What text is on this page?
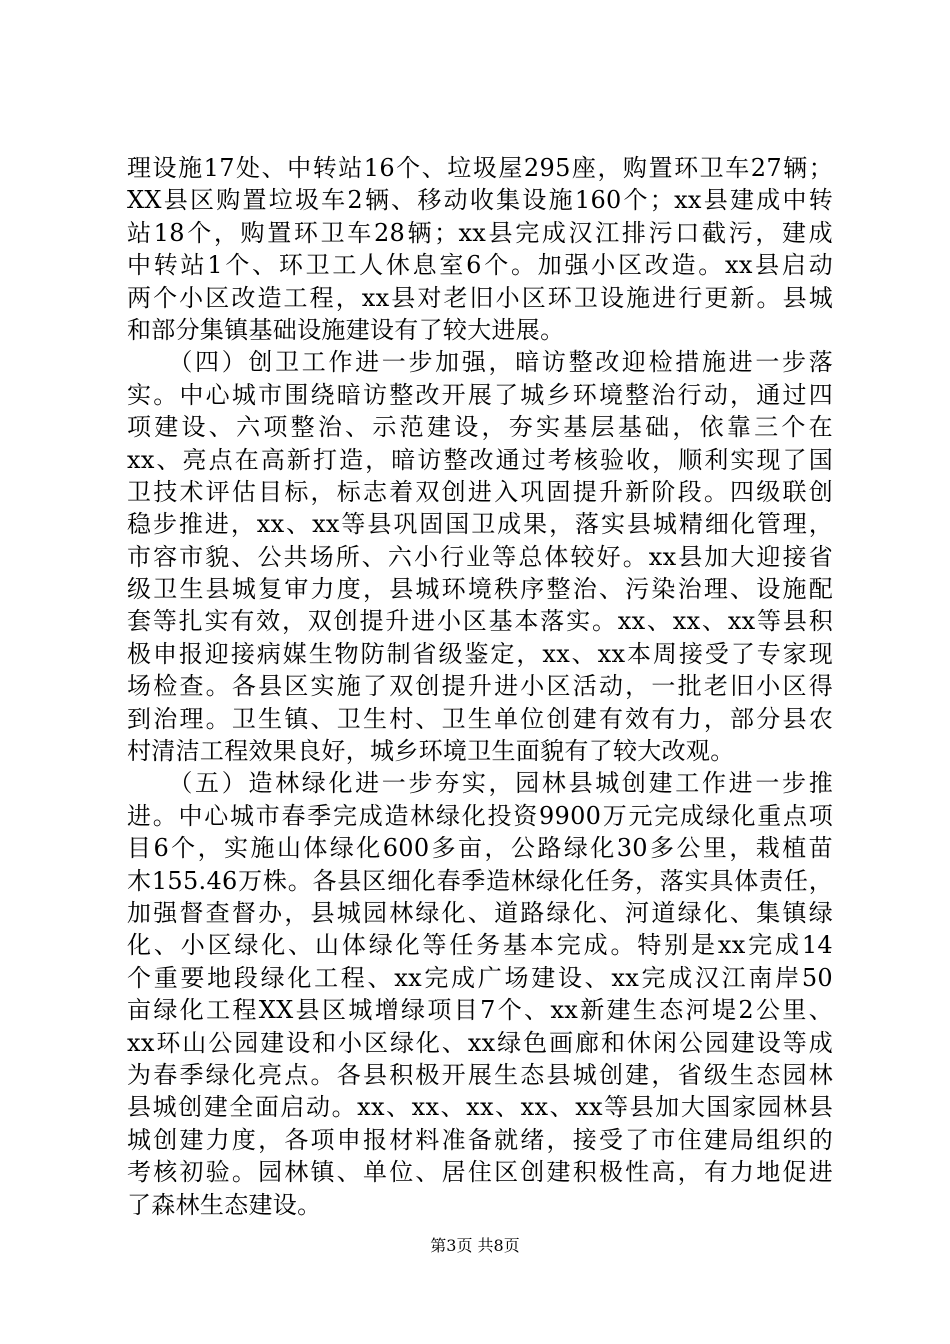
理设施17处、中转站16个、垃圾屋295座，购置环卫车27辆；
XX县区购置垃圾车2辆、移动收集设施160个；xx县建成中转
站18个，购置环卫车28辆；xx县完成汉江排污口截污，建成
中转站1个、环卫工人休息室6个。加强小区改造。xx县启动
两个小区改造工程，xx县对老旧小区环卫设施进行更新。县城
和部分集镇基础设施建设有了较大进展。
　　（四）创卫工作进一步加强，暗访整改迎检措施进一步落
实。中心城市围绕暗访整改开展了城乡环境整治行动，通过四
项建设、六项整治、示范建设，夯实基层基础，依靠三个在
xx、亮点在高新打造，暗访整改通过考核验收，顺利实现了国
卫技术评估目标，标志着双创进入巩固提升新阶段。四级联创
稳步推进，xx、xx等县巩固国卫成果，落实县城精细化管理，
市容市貌、公共场所、六小行业等总体较好。xx县加大迎接省
级卫生县城复审力度，县城环境秩序整治、污染治理、设施配
套等扎实有效，双创提升进小区基本落实。xx、xx、xx等县积
极申报迎接病媒生物防制省级鉴定，xx、xx本周接受了专家现
场检查。各县区实施了双创提升进小区活动，一批老旧小区得
到治理。卫生镇、卫生村、卫生单位创建有效有力，部分县农
村清洁工程效果良好，城乡环境卫生面貌有了较大改观。
　　（五）造林绿化进一步夯实，园林县城创建工作进一步推
进。中心城市春季完成造林绿化投资9900万元完成绿化重点项
目6个，实施山体绿化600多亩，公路绿化30多公里，栽植苗
木155.46万株。各县区细化春季造林绿化任务，落实具体责任，
加强督查督办，县城园林绿化、道路绿化、河道绿化、集镇绿
化、小区绿化、山体绿化等任务基本完成。特别是xx完成14
个重要地段绿化工程、xx完成广场建设、xx完成汉江南岸50
亩绿化工程XX县区城增绿项目7个、xx新建生态河堤2公里、
xx环山公园建设和小区绿化、xx绿色画廊和休闲公园建设等成
为春季绿化亮点。各县积极开展生态县城创建，省级生态园林
县城创建全面启动。xx、xx、xx、xx、xx等县加大国家园林县
城创建力度，各项申报材料准备就绪，接受了市住建局组织的
考核初验。园林镇、单位、居住区创建积极性高，有力地促进
了森林生态建设。
第3页 共8页
